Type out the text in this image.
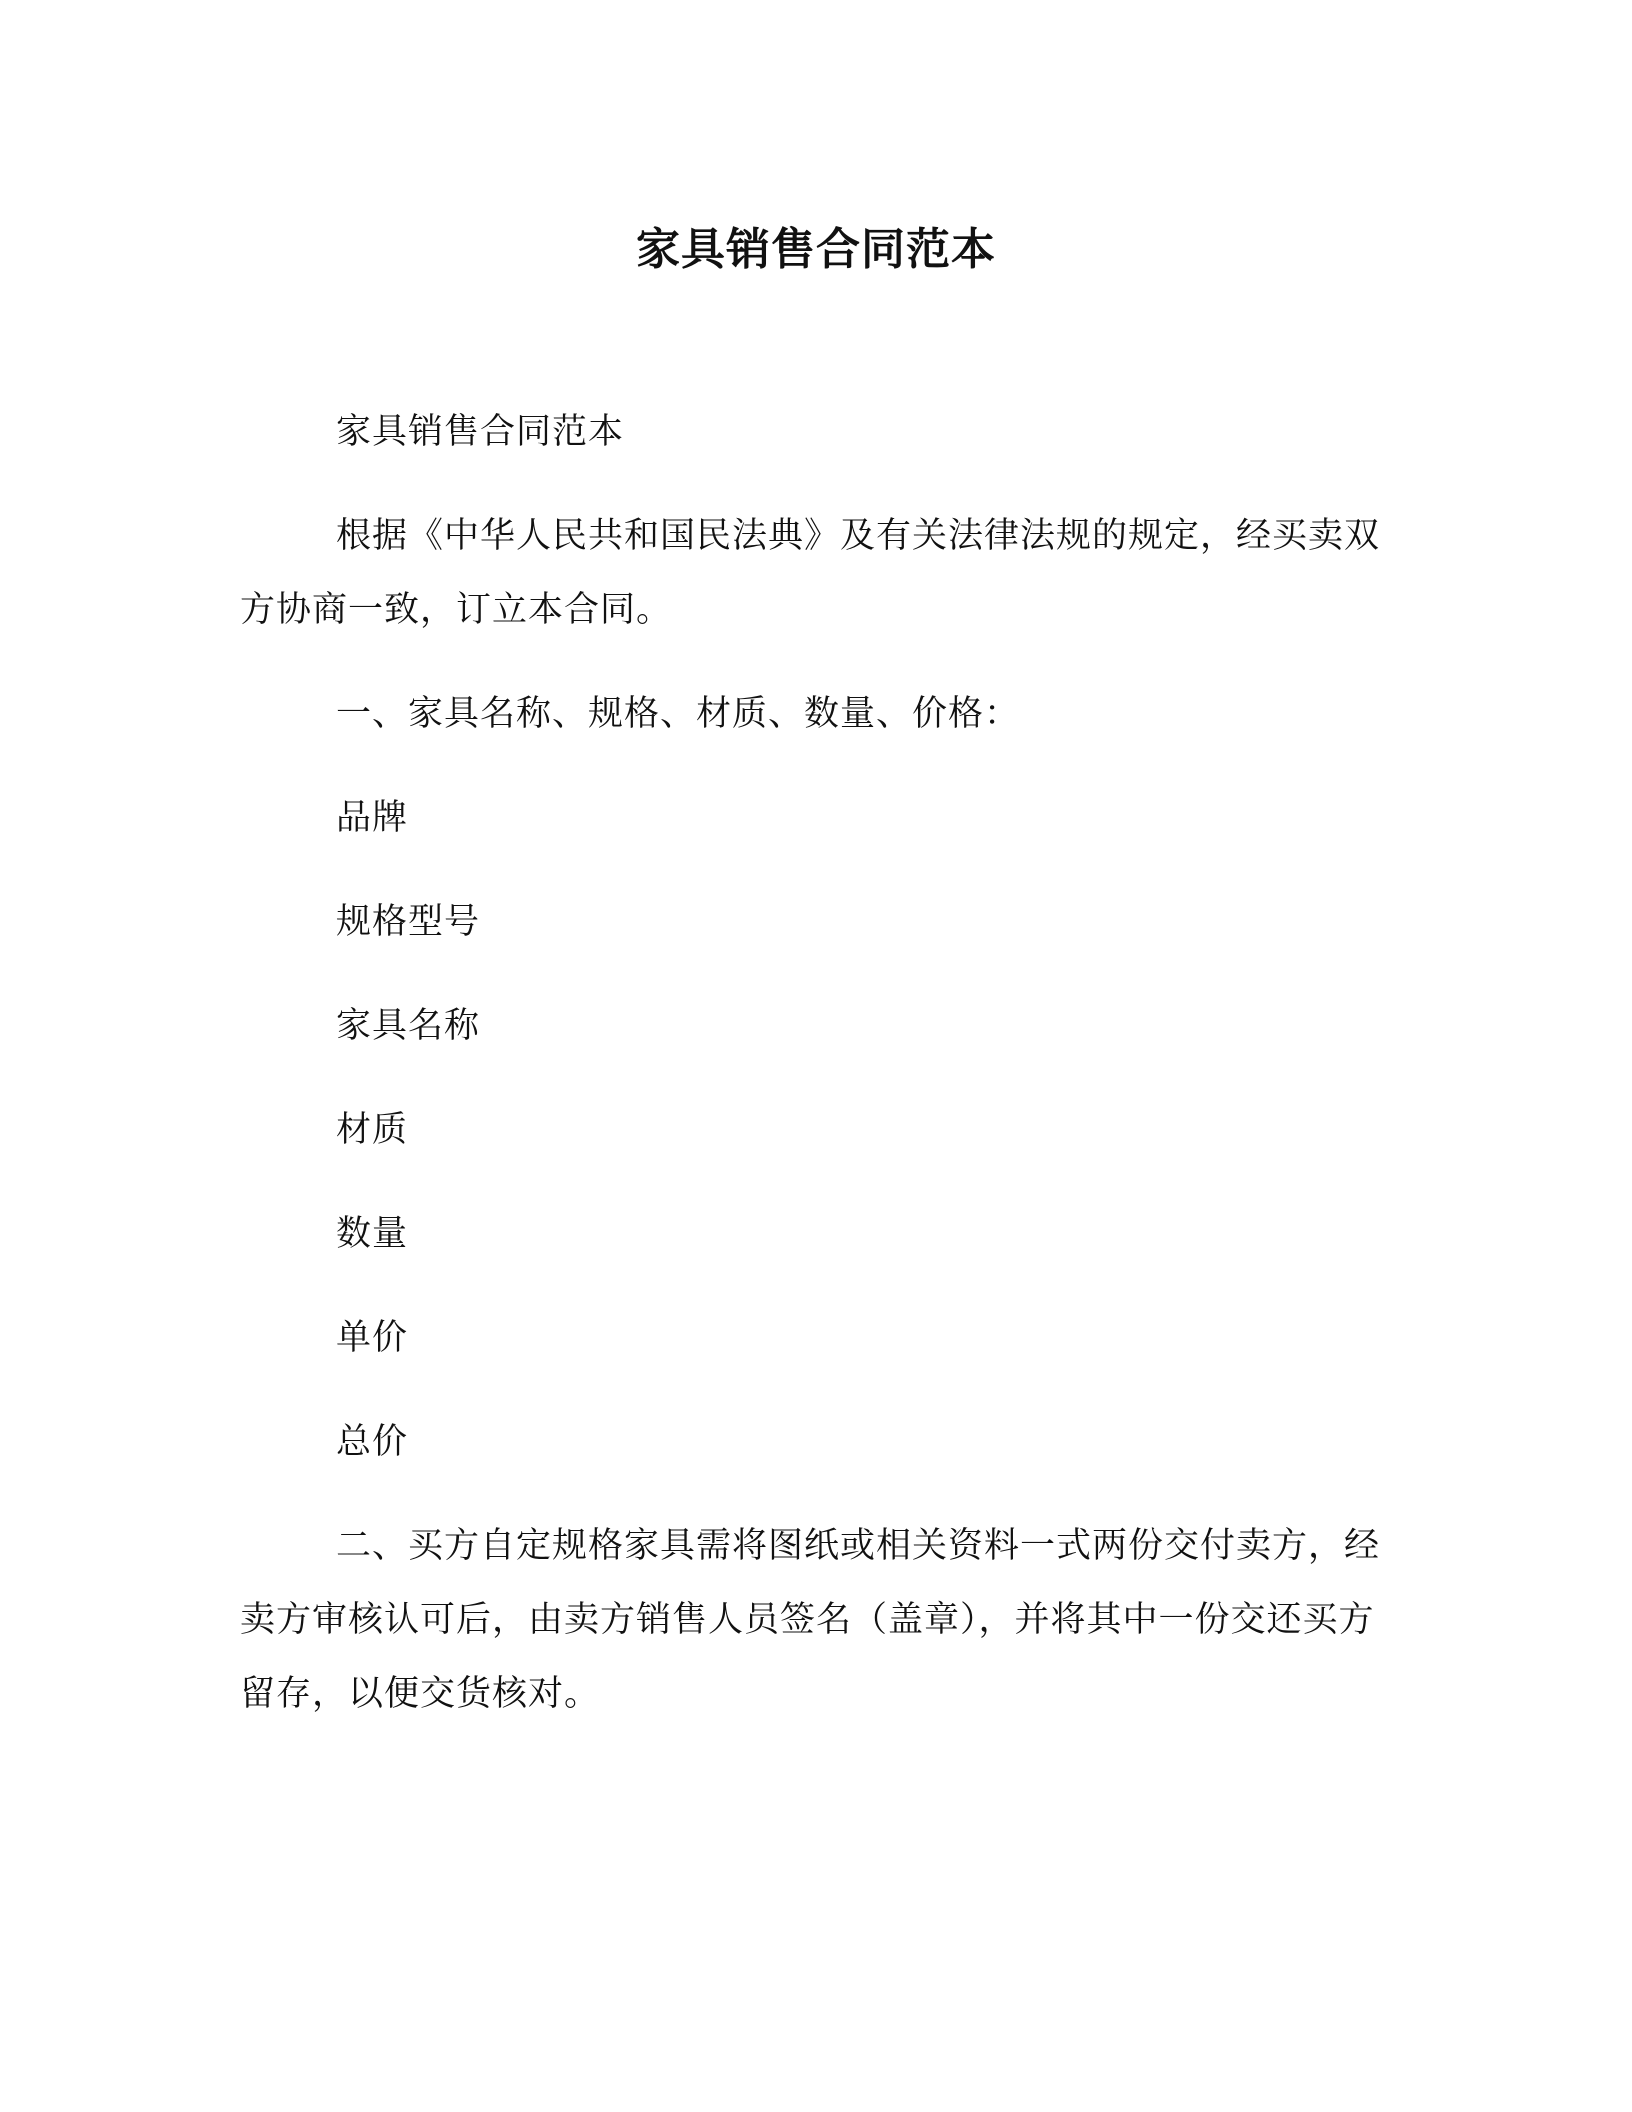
家具销售合同范本

家具销售合同范本

根据《中华人民共和国民法典》及有关法律法规的规定，经买卖双方协商一致，订立本合同。

一、家具名称、规格、材质、数量、价格：

品牌

规格型号

家具名称

材质

数量

单价

总价

二、买方自定规格家具需将图纸或相关资料一式两份交付卖方，经卖方审核认可后，由卖方销售人员签名（盖章），并将其中一份交还买方留存，以便交货核对。
